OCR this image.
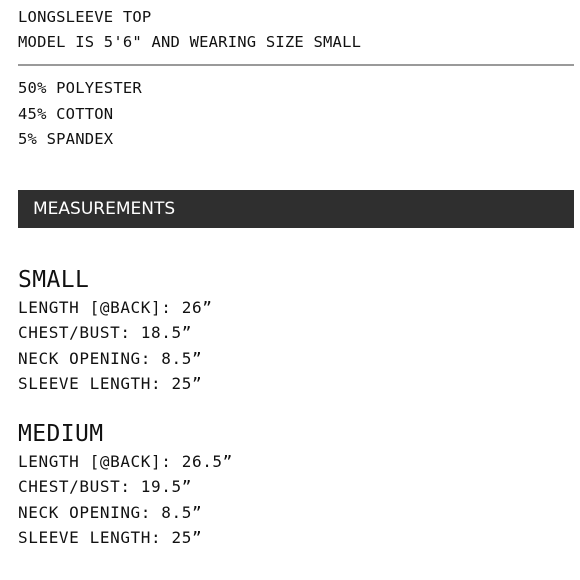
LONGSLEEVE TOP
MODEL IS 5'6" AND WEARING SIZE SMALL
50% POLYESTER
45% COTTON
5% SPANDEX
MEASUREMENTS
SMALL
LENGTH [@BACK]: 26”
CHEST/BUST: 18.5”
NECK OPENING: 8.5”
SLEEVE LENGTH: 25”
MEDIUM
LENGTH [@BACK]: 26.5”
CHEST/BUST: 19.5”
NECK OPENING: 8.5”
SLEEVE LENGTH: 25”
